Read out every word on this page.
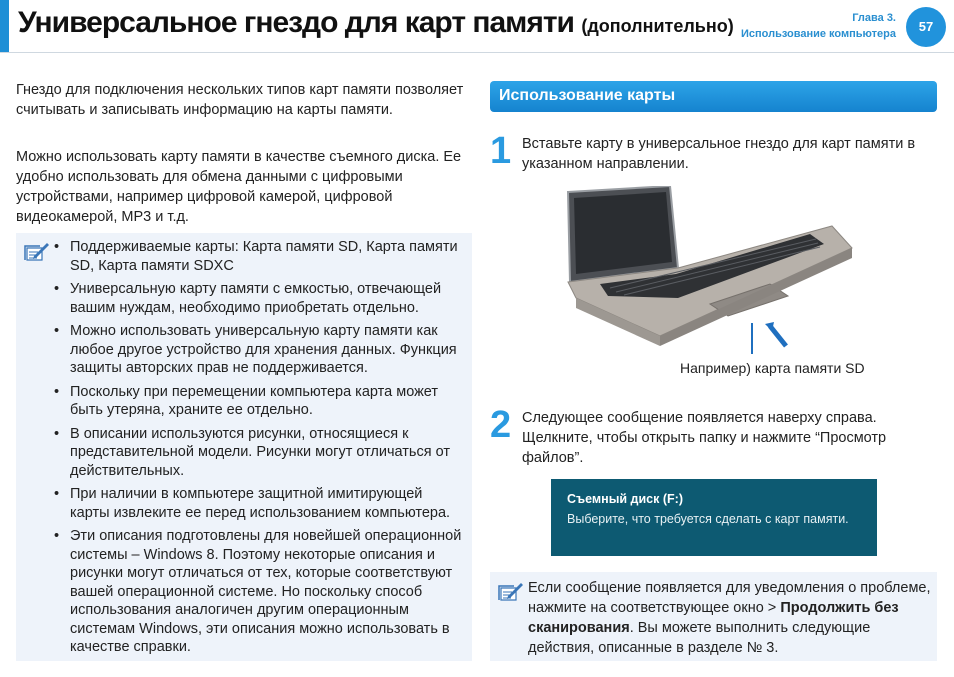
Универсальное гнездо для карт памяти (дополнительно)	Глава 3.
Использование компьютера	57

Гнездо для подключения нескольких типов карт памяти позволяет считывать и записывать информацию на карты памяти.

Можно использовать карту памяти в качестве съемного диска. Ее удобно использовать для обмена данными с цифровыми устройствами, например цифровой камерой, цифровой видеокамерой, МР3 и т.д.

• Поддерживаемые карты: Карта памяти SD, Карта памяти SD, Карта памяти SDXC
• Универсальную карту памяти с емкостью, отвечающей вашим нуждам, необходимо приобретать отдельно.
• Можно использовать универсальную карту памяти как любое другое устройство для хранения данных. Функция защиты авторских прав не поддерживается.
• Поскольку при перемещении компьютера карта может быть утеряна, храните ее отдельно.
• В описании используются рисунки, относящиеся к представительной модели. Рисунки могут отличаться от действительных.
• При наличии в компьютере защитной имитирующей карты извлеките ее перед использованием компьютера.
• Эти описания подготовлены для новейшей операционной системы – Windows 8. Поэтому некоторые описания и рисунки могут отличаться от тех, которые соответствуют вашей операционной системе. Но поскольку способ использования аналогичен другим операционным системам Windows, эти описания можно использовать в качестве справки.
Использование карты
1 Вставьте карту в универсальное гнездо для карт памяти в указанном направлении.

Например) карта памяти SD
2 Следующее сообщение появляется наверху справа. Щелкните, чтобы открыть папку и нажмите “Просмотр файлов”.

Съемный диск (F:)
Выберите, что требуется сделать с карт памяти.

Если сообщение появляется для уведомления о проблеме, нажмите на соответствующее окно > Продолжить без сканирования. Вы можете выполнить следующие действия, описанные в разделе № 3.
